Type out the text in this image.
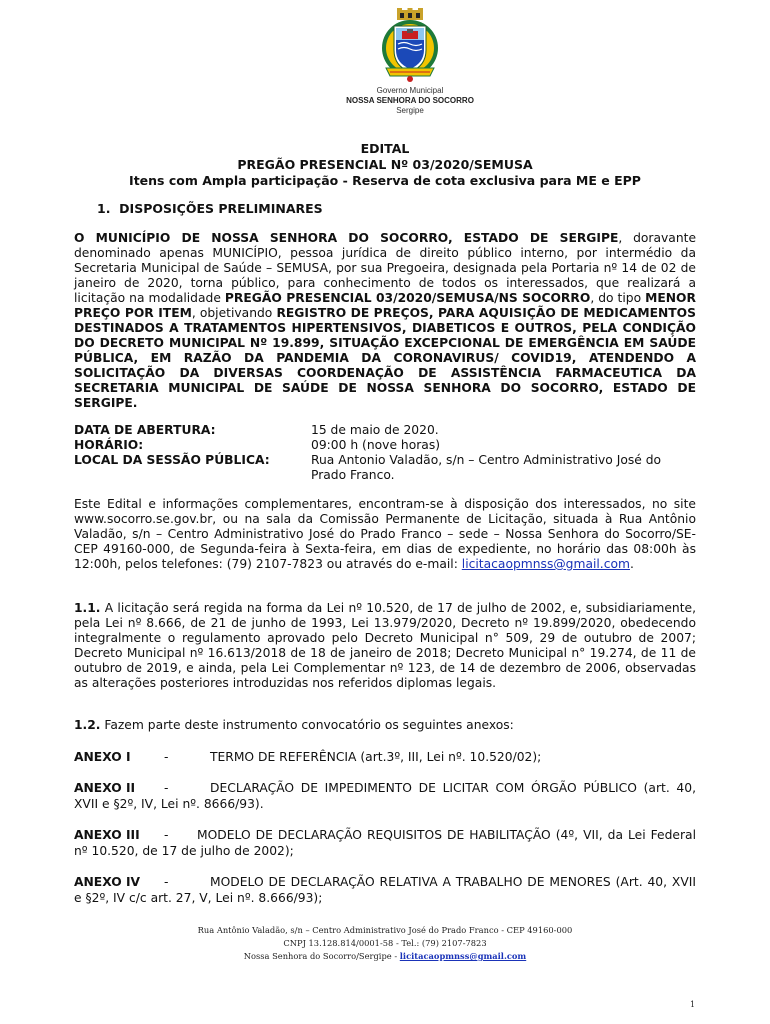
Governo Municipal
NOSSA SENHORA DO SOCORRO
Sergipe
EDITAL
PREGÃO PRESENCIAL Nº 03/2020/SEMUSA
Itens com Ampla participação - Reserva de cota exclusiva para ME e EPP
1. DISPOSIÇÕES PRELIMINARES
O MUNICÍPIO DE NOSSA SENHORA DO SOCORRO, ESTADO DE SERGIPE, doravante denominado apenas MUNICÍPIO, pessoa jurídica de direito público interno, por intermédio da Secretaria Municipal de Saúde – SEMUSA, por sua Pregoeira, designada pela Portaria nº 14 de 02 de janeiro de 2020, torna público, para conhecimento de todos os interessados, que realizará a licitação na modalidade PREGÃO PRESENCIAL 03/2020/SEMUSA/NS SOCORRO, do tipo MENOR PREÇO POR ITEM, objetivando REGISTRO DE PREÇOS, PARA AQUISIÇÃO DE MEDICAMENTOS DESTINADOS A TRATAMENTOS HIPERTENSIVOS, DIABETICOS E OUTROS, PELA CONDIÇÃO DO DECRETO MUNICIPAL Nº 19.899, SITUAÇÃO EXCEPCIONAL DE EMERGÊNCIA EM SAÚDE PÚBLICA, EM RAZÃO DA PANDEMIA DA CORONAVIRUS/ COVID19, ATENDENDO A SOLICITAÇÃO DA DIVERSAS COORDENAÇÃO DE ASSISTÊNCIA FARMACEUTICA DA SECRETARIA MUNICIPAL DE SAÚDE DE NOSSA SENHORA DO SOCORRO, ESTADO DE SERGIPE.
DATA DE ABERTURA:	15 de maio de 2020.
HORÁRIO:	09:00 h (nove horas)
LOCAL DA SESSÃO PÚBLICA:	Rua Antonio Valadão, s/n – Centro Administrativo José do
Prado Franco.
Este Edital e informações complementares, encontram-se à disposição dos interessados, no site www.socorro.se.gov.br, ou na sala da Comissão Permanente de Licitação, situada à Rua Antônio Valadão, s/n – Centro Administrativo José do Prado Franco – sede – Nossa Senhora do Socorro/SE- CEP 49160-000, de Segunda-feira à Sexta-feira, em dias de expediente, no horário das 08:00h às 12:00h, pelos telefones: (79) 2107-7823 ou através do e-mail: licitacaopmnss@gmail.com.
1.1. A licitação será regida na forma da Lei nº 10.520, de 17 de julho de 2002, e, subsidiariamente, pela Lei nº 8.666, de 21 de junho de 1993, Lei 13.979/2020, Decreto nº 19.899/2020, obedecendo integralmente o regulamento aprovado pelo Decreto Municipal n° 509, 29 de outubro de 2007; Decreto Municipal nº 16.613/2018 de 18 de janeiro de 2018; Decreto Municipal n° 19.274, de 11 de outubro de 2019, e ainda, pela Lei Complementar nº 123, de 14 de dezembro de 2006, observadas as alterações posteriores introduzidas nos referidos diplomas legais.
1.2. Fazem parte deste instrumento convocatório os seguintes anexos:
ANEXO I	-	TERMO DE REFERÊNCIA (art.3º, III, Lei nº. 10.520/02);
ANEXO II -	DECLARAÇÃO DE IMPEDIMENTO DE LICITAR COM ÓRGÃO PÚBLICO (art. 40, XVII e §2º, IV, Lei nº. 8666/93).
ANEXO III - MODELO DE DECLARAÇÃO REQUISITOS DE HABILITAÇÃO (4º, VII, da Lei Federal nº 10.520, de 17 de julho de 2002);
ANEXO IV -	MODELO DE DECLARAÇÃO RELATIVA A TRABALHO DE MENORES (Art. 40, XVII e §2º, IV c/c art. 27, V, Lei nº. 8.666/93);
Rua Antônio Valadão, s/n – Centro Administrativo José do Prado Franco - CEP 49160-000
CNPJ 13.128.814/0001-58 - Tel.: (79) 2107-7823
Nossa Senhora do Socorro/Sergipe - licitacaopmnss@gmail.com
1
